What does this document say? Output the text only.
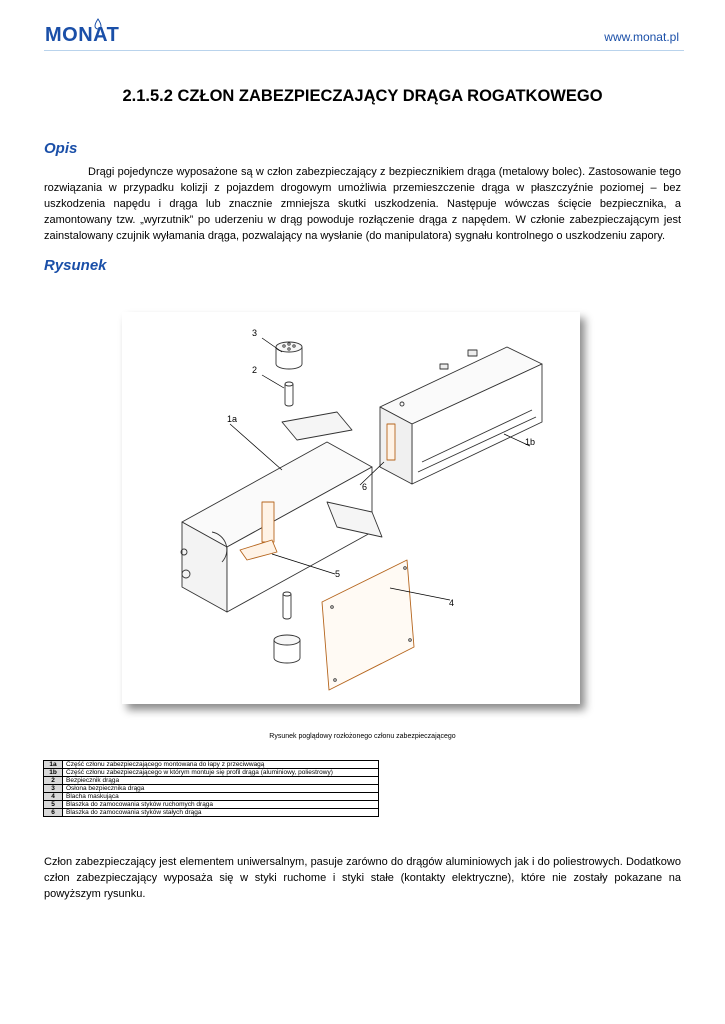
MONAT	www.monat.pl
2.1.5.2 CZŁON ZABEZPIECZAJĄCY DRĄGA ROGATKOWEGO
Opis

Drągi pojedyncze wyposażone są w człon zabezpieczający z bezpiecznikiem drąga (metalowy bolec). Zastosowanie tego rozwiązania w przypadku kolizji z pojazdem drogowym umożliwia przemieszczenie drąga w płaszczyźnie poziomej – bez uszkodzenia napędu i drąga lub znacznie zmniejsza skutki uszkodzenia. Następuje wówczas ścięcie bezpiecznika, a zamontowany tzw. „wyrzutnik” po uderzeniu w drąg powoduje rozłączenie drąga z napędem. W członie zabezpieczającym jest zainstalowany czujnik wyłamania drąga, pozwalający na wysłanie (do manipulatora) sygnału kontrolnego o uszkodzeniu zapory.

Rysunek
3
2
1a
1b
6
5
4
Rysunek poglądowy rozłożonego członu zabezpieczającego
1a	Część członu zabezpieczającego montowana do łapy z przeciwwagą
1b	Część członu zabezpieczającego w którym montuje się profil drąga (aluminiowy, poliestrowy)
2	Bezpiecznik drąga
3	Osłona bezpiecznika drąga
4	Blacha maskująca
5	Blaszka do zamocowania styków ruchomych drąga
6	Blaszka do zamocowania styków stałych drąga

Człon zabezpieczający jest elementem uniwersalnym, pasuje zarówno do drągów aluminiowych jak i do poliestrowych. Dodatkowo człon zabezpieczający wyposaża się w styki ruchome i styki stałe (kontakty elektryczne), które nie zostały pokazane na powyższym rysunku.
